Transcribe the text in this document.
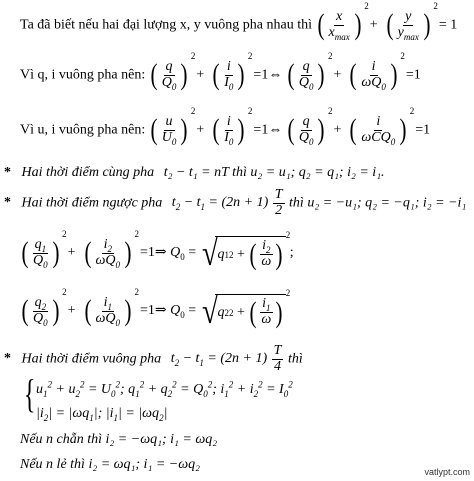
Ta đã biết nếu hai đại lượng x, y vuông pha nhau thì ( $\frac{x}{x_{max}}$
)
2
+ ( $\frac{y}{y_{max}}$
)
2
= 1
Vì q, i vuông pha nên: ( $\frac{q}{Q_0}$
)
2
+ ( $\frac{i}{I_0}$
)
2
=1⇔ ( $\frac{q}{Q_0}$
)
2
+ ( $\frac{i}{\omega Q_0}$
)
2
=1
Vì u, i vuông pha nên: ( $\frac{u}{U_0}$
)
2
+ ( $\frac{i}{I_0}$
)
2
=1⇔ ( $\frac{q}{Q_0}$
)
2
+ ( $\frac{i}{\omega CQ_0}$
)
2
=1
* Hai thời điểm cùng pha t₂ − t₁ = nT thì u₂ = u₁; q₂ = q₁; i₂ = i₁.
* Hai thời điểm ngược pha $t_2 - t_1 = (2n + 1) \frac{T}{2}$ thì u₂ = −u₁; q₂ = −q₁; i₂ = −i₁
( $\frac{q_1}{Q_0}$
)
2
+ ( $\frac{i_2}{\omega Q_0}$
)
2
=1⇒ $Q_0$ = √ q 1 2 + ( $\frac{i_2}{\omega}$
)
2
;
( $\frac{q_2}{Q_0}$
)
2
+ ( $\frac{i_1}{\omega Q_0}$
)
2
=1⇒ $Q_0$ = √ q 2 2 + ( $\frac{i_1}{\omega}$
)
2
* Hai thời điểm vuông pha $t_2 - t_1 = (2n + 1) \frac{T}{4}$ thì
{ $u_1^2 + u_2^2 = U_0^2$; $q_1^2 + q_2^2 = Q_0^2$; $i_1^2 + i_2^2 = I_0^2$
$|i_2| = |\omega q_1|$; $|i_1| = |\omega q_2|$
Nếu n chẵn thì i₂ = −ωq₁; i₁ = ωq₂
Nếu n lẻ thì i₂ = ωq₁; i₁ = −ωq₂	vatlypt.com
